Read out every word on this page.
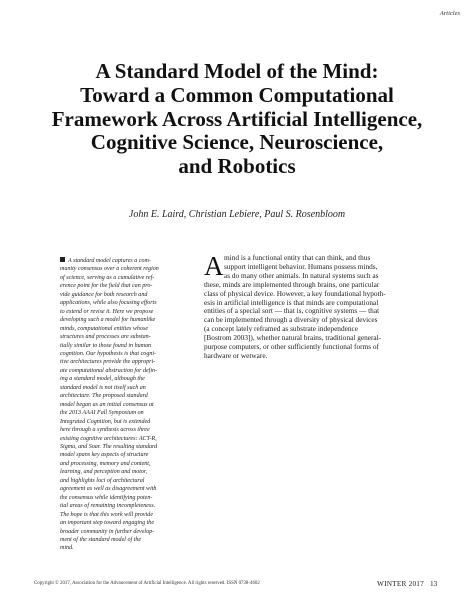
Articles
A Standard Model of the Mind:
Toward a Common Computational
Framework Across Artificial Intelligence,
Cognitive Science, Neuroscience,
and Robotics
John E. Laird, Christian Lebiere, Paul S. Rosenbloom
A standard model captures a com-
munity consensus over a coherent region
of science, serving as a cumulative ref-
erence point for the field that can pro-
vide guidance for both research and
applications, while also focusing efforts
to extend or revise it. Here we propose
developing such a model for humanlike
minds, computational entities whose
structures and processes are substan-
tially similar to those found in human
cognition. Our hypothesis is that cogni-
tive architectures provide the appropri-
ate computational abstraction for defin-
ing a standard model, although the
standard model is not itself such an
architecture. The proposed standard
model began as an initial consensus at
the 2013 AAAI Fall Symposium on
Integrated Cognition, but is extended
here through a synthesis across three
existing cognitive architectures: ACT-R,
Sigma, and Soar. The resulting standard
model spans key aspects of structure
and processing, memory and content,
learning, and perception and motor,
and highlights loci of architectural
agreement as well as disagreement with
the consensus while identifying poten-
tial areas of remaining incompleteness.
The hope is that this work will provide
an important step toward engaging the
broader community in further develop-
ment of the standard model of the
mind.
A mind is a functional entity that can think, and thus
support intelligent behavior. Humans possess minds,
as do many other animals. In natural systems such as
these, minds are implemented through brains, one particular
class of physical device. However, a key foundational hypoth-
esis in artificial intelligence is that minds are computational
entities of a special sort — that is, cognitive systems — that
can be implemented through a diversity of physical devices
(a concept lately reframed as substrate independence
[Bostrom 2003]), whether natural brains, traditional general-
purpose computers, or other sufficiently functional forms of
hardware or wetware.
Copyright © 2017, Association for the Advancement of Artificial Intelligence. All rights reserved. ISSN 0738-4602	WINTER 2017 13
